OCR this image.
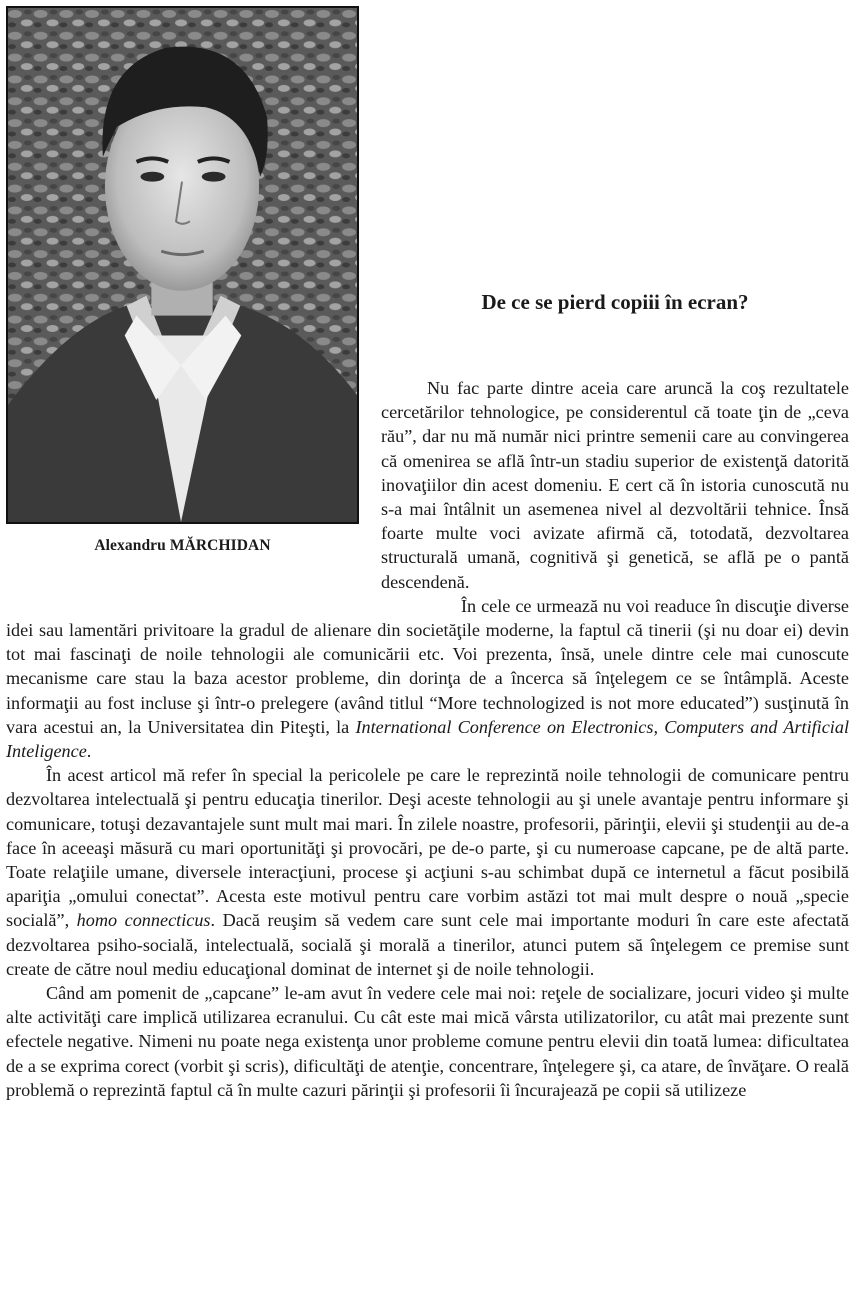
Alexandru MĂRCHIDAN
De ce se pierd copiii în ecran?

Nu fac parte dintre aceia care aruncă la coş rezultatele cercetărilor tehnologice, pe considerentul că toate ţin de „ceva rău”, dar nu mă număr nici printre semenii care au convingerea că omenirea se află într-un stadiu superior de existenţă datorită inovaţiilor din acest domeniu. E cert că în istoria cunoscută nu s-a mai întâlnit un asemenea nivel al dezvoltării tehnice. Însă foarte multe voci avizate afirmă că, totodată, dezvoltarea structurală umană, cognitivă şi genetică, se află pe o pantă descendenă.

În cele ce urmează nu voi readuce în discuţie diverse idei sau lamentări privitoare la gradul de alienare din societăţile moderne, la faptul că tinerii (şi nu doar ei) devin tot mai fascinaţi de noile tehnologii ale comunicării etc. Voi prezenta, însă, unele dintre cele mai cunoscute mecanisme care stau la baza acestor probleme, din dorinţa de a încerca să înţelegem ce se întâmplă. Aceste informaţii au fost incluse şi într-o prelegere (având titlul “More technologized is not more educated”) susţinută în vara acestui an, la Universitatea din Piteşti, la International Conference on Electronics, Computers and Artificial Inteligence.

În acest articol mă refer în special la pericolele pe care le reprezintă noile tehnologii de comunicare pentru dezvoltarea intelectuală şi pentru educaţia tinerilor. Deşi aceste tehnologii au şi unele avantaje pentru informare şi comunicare, totuşi dezavantajele sunt mult mai mari. În zilele noastre, profesorii, părinţii, elevii şi studenţii au de-a face în aceeaşi măsură cu mari oportunităţi şi provocări, pe de-o parte, şi cu numeroase capcane, pe de altă parte. Toate relaţiile umane, diversele interacţiuni, procese şi acţiuni s-au schimbat după ce internetul a făcut posibilă apariţia „omului conectat”. Acesta este motivul pentru care vorbim astăzi tot mai mult despre o nouă „specie socială”, homo connecticus. Dacă reuşim să vedem care sunt cele mai importante moduri în care este afectată dezvoltarea psiho-socială, intelectuală, socială şi morală a tinerilor, atunci putem să înţelegem ce premise sunt create de către noul mediu educaţional dominat de internet şi de noile tehnologii.

Când am pomenit de „capcane” le-am avut în vedere cele mai noi: reţele de socializare, jocuri video şi multe alte activităţi care implică utilizarea ecranului. Cu cât este mai mică vârsta utilizatorilor, cu atât mai prezente sunt efectele negative. Nimeni nu poate nega existenţa unor probleme comune pentru elevii din toată lumea: dificultatea de a se exprima corect (vorbit şi scris), dificultăţi de atenţie, concentrare, înţelegere şi, ca atare, de învăţare. O reală problemă o reprezintă faptul că în multe cazuri părinţii şi profesorii îi încurajează pe copii să utilizeze
